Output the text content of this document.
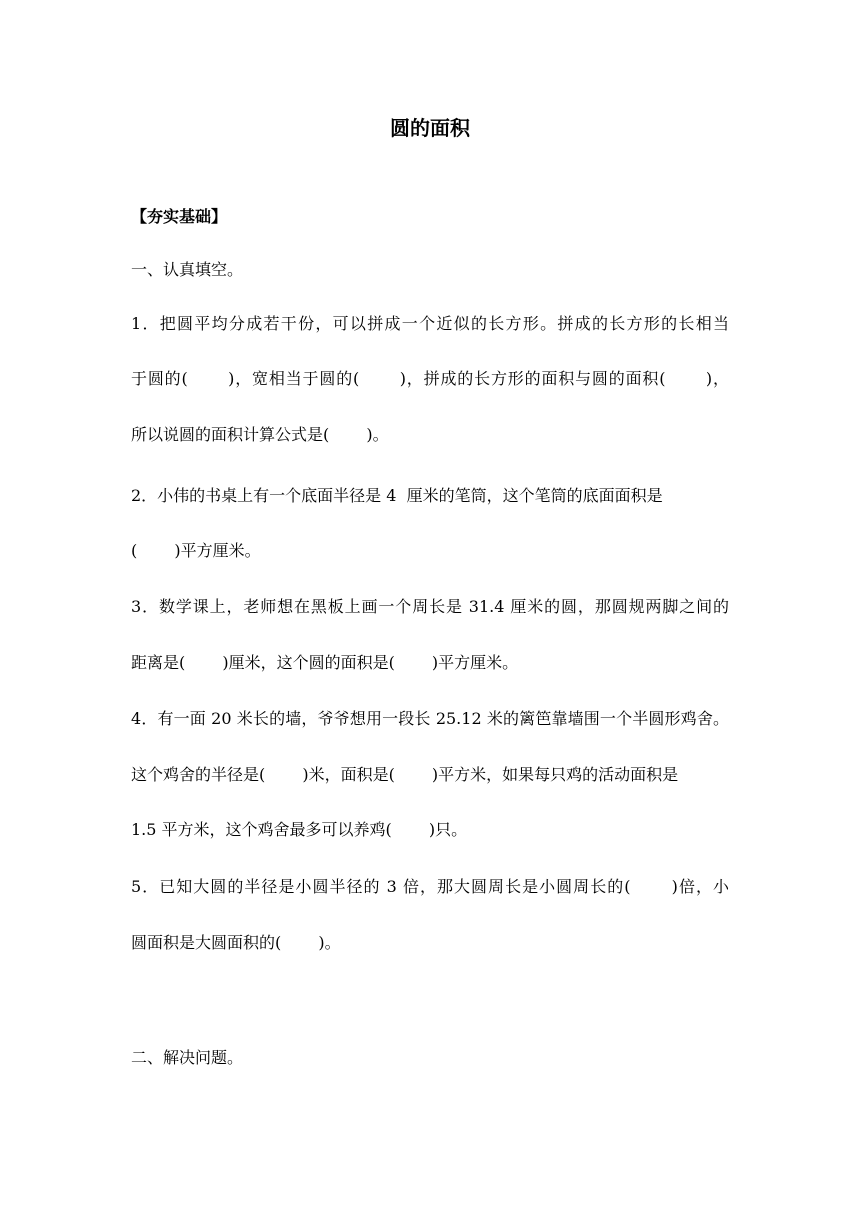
圆的面积
【夯实基础】
一、认真填空。
1．把圆平均分成若干份，可以拼成一个近似的长方形。拼成的长方形的长相当
于圆的(　　 )，宽相当于圆的(　　 )，拼成的长方形的面积与圆的面积(　　 )，
所以说圆的面积计算公式是(　　 )。
2．小伟的书桌上有一个底面半径是 4  厘米的笔筒，这个笔筒的底面面积是
(　　 )平方厘米。
3．数学课上，老师想在黑板上画一个周长是 31.4 厘米的圆，那圆规两脚之间的
距离是(　　 )厘米，这个圆的面积是(　　 )平方厘米。
4．有一面 20 米长的墙，爷爷想用一段长 25.12 米的篱笆靠墙围一个半圆形鸡舍。
这个鸡舍的半径是(　　 )米，面积是(　　 )平方米，如果每只鸡的活动面积是
1.5 平方米，这个鸡舍最多可以养鸡(　　 )只。
5．已知大圆的半径是小圆半径的 3 倍，那大圆周长是小圆周长的(　　 )倍，小
圆面积是大圆面积的(　　 )。
二、解决问题。
